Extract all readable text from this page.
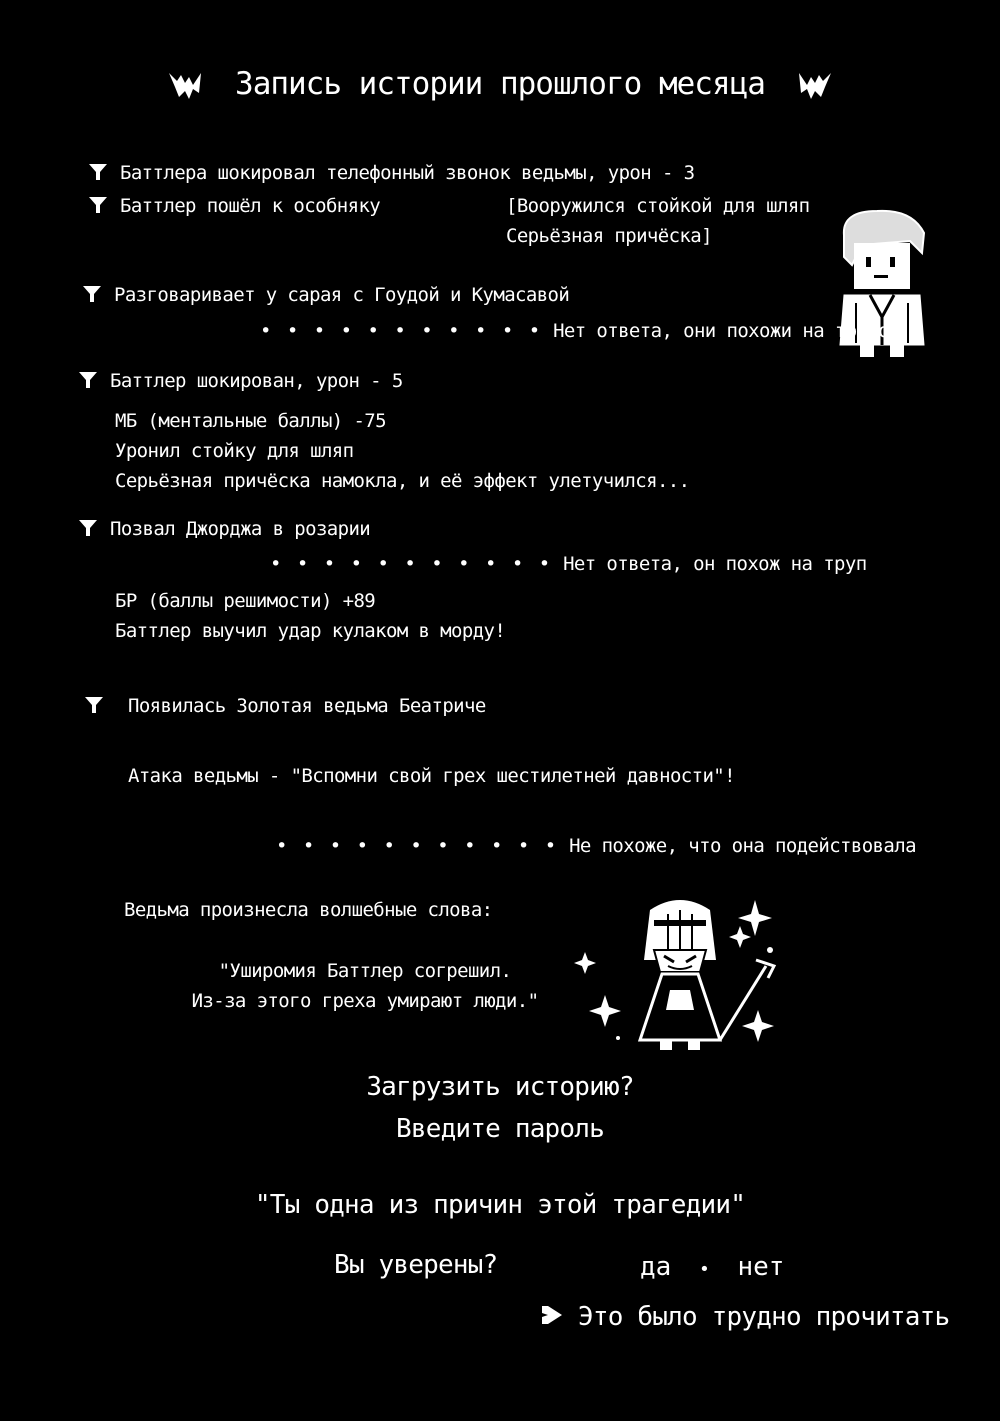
Запись истории прошлого месяца
Баттлера шокировал телефонный звонок ведьмы, урон - 3
Баттлер пошёл к особняку	[Вооружился стойкой для шляп
Серьёзная причёска]
Разговаривает у сарая с Гоудой и Кумасавой
• • • • • • • • • • • Нет ответа, они похожи на трупов
Баттлер шокирован, урон - 5
МБ (ментальные баллы) -75
Уронил стойку для шляп
Серьёзная причёска намокла, и её эффект улетучился...
Позвал Джорджа в розарии
• • • • • • • • • • • Нет ответа, он похож на труп
БР (баллы решимости) +89
Баттлер выучил удар кулаком в морду!
Появилась Золотая ведьма Беатриче
Атака ведьмы - "Вспомни свой грех шестилетней давности"!
• • • • • • • • • • • Не похоже, что она подействовала
Ведьма произнесла волшебные слова:
"Уширомия Баттлер согрешил.
Из-за этого греха умирают люди."
Загрузить историю?
Введите пароль
"Ты одна из причин этой трагедии"
Вы уверены?	да • нет
Это было трудно прочитать
